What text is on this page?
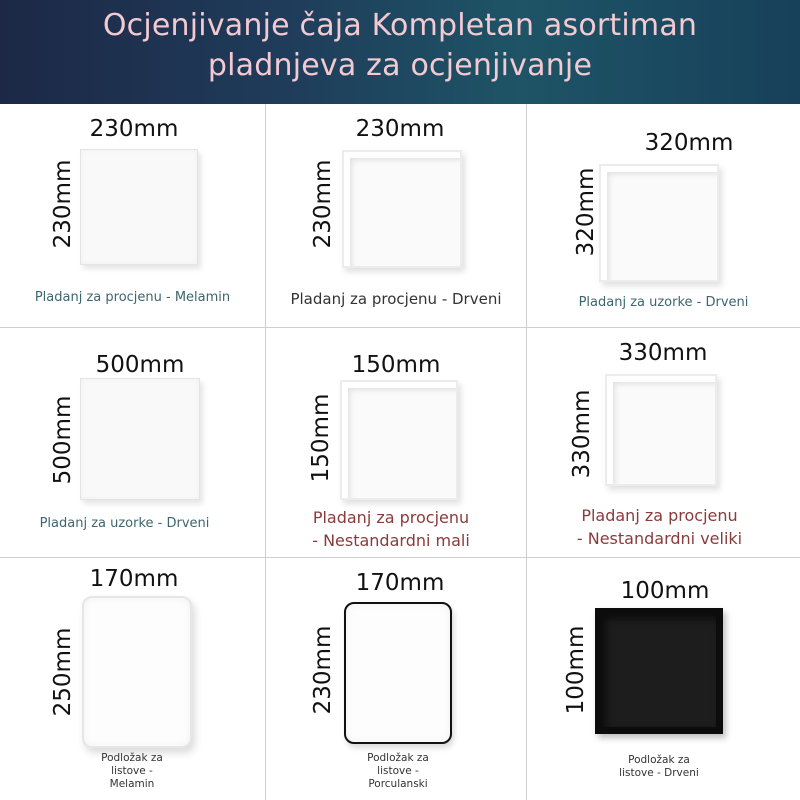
Ocjenjivanje čaja Kompletan asortiman
pladnjeva za ocjenjivanje
230mm
230mm
Pladanj za procjenu - Melamin
230mm
230mm
Pladanj za procjenu - Drveni
320mm
320mm
Pladanj za uzorke - Drveni
500mm
500mm
Pladanj za uzorke - Drveni
150mm
150mm
Pladanj za procjenu
- Nestandardni mali
330mm
330mm
Pladanj za procjenu
- Nestandardni veliki
170mm
250mm
Podložak za
listove -
Melamin
170mm
230mm
Podložak za
listove -
Porculanski
100mm
100mm
Podložak za
listove - Drveni
